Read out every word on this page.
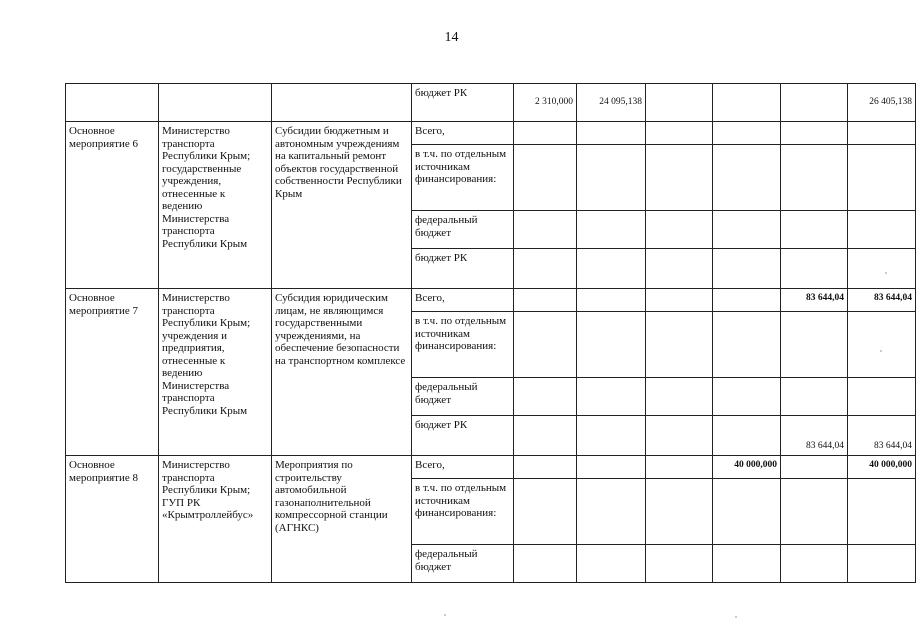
14
			бюджет РК	2 310,000	24 095,138				26 405,138
Основное мероприятие 6	Министерство транспорта Республики Крым; государственные учреждения, отнесенные к ведению Министерства транспорта Республики Крым	Субсидии бюджетным и автономным учреждениям на капитальный ремонт объектов государственной собственности Республики Крым	Всего,						
			в т.ч. по отдельным источникам финансирования:						
			федеральный бюджет						
			бюджет РК						
Основное мероприятие 7	Министерство транспорта Республики Крым; учреждения и предприятия, отнесенные к ведению Министерства транспорта Республики Крым	Субсидия юридическим лицам, не являющимся государственными учреждениями, на обеспечение безопасности на транспортном комплексе	Всего,					83 644,04	83 644,04
			в т.ч. по отдельным источникам финансирования:						
			федеральный бюджет						
			бюджет РК					83 644,04	83 644,04
Основное мероприятие 8	Министерство транспорта Республики Крым; ГУП РК «Крымтроллейбус»	Мероприятия по строительству автомобильной газонаполнительной компрессорной станции (АГНКС)	Всего,				40 000,000		40 000,000
			в т.ч. по отдельным источникам финансирования:						
			федеральный бюджет						
